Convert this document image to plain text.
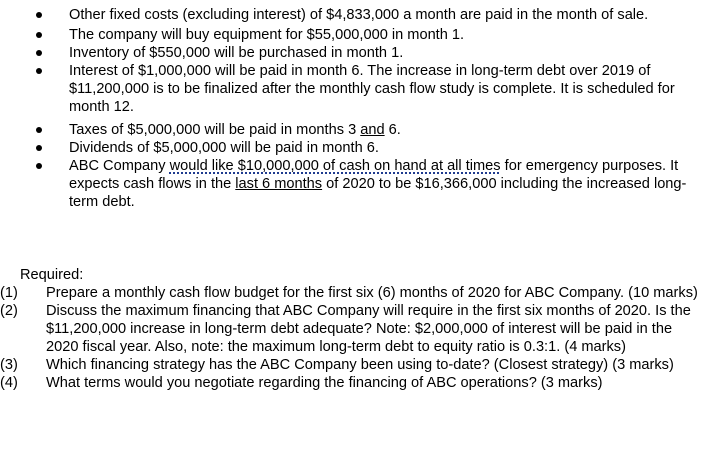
Other fixed costs (excluding interest) of $4,833,000 a month are paid in the month of sale.
The company will buy equipment for $55,000,000 in month 1.
Inventory of $550,000 will be purchased in month 1.
Interest of $1,000,000 will be paid in month 6. The increase in long-term debt over 2019 of $11,200,000 is to be finalized after the monthly cash flow study is complete. It is scheduled for month 12.
Taxes of $5,000,000 will be paid in months 3 and 6.
Dividends of $5,000,000 will be paid in month 6.
ABC Company would like $10,000,000 of cash on hand at all times for emergency purposes. It expects cash flows in the last 6 months of 2020 to be $16,366,000 including the increased long-term debt.

Required:

(1) Prepare a monthly cash flow budget for the first six (6) months of 2020 for ABC Company. (10 marks)
(2) Discuss the maximum financing that ABC Company will require in the first six months of 2020. Is the $11,200,000 increase in long-term debt adequate? Note: $2,000,000 of interest will be paid in the 2020 fiscal year. Also, note: the maximum long-term debt to equity ratio is 0.3:1. (4 marks)
(3) Which financing strategy has the ABC Company been using to-date? (Closest strategy) (3 marks)
(4) What terms would you negotiate regarding the financing of ABC operations? (3 marks)
